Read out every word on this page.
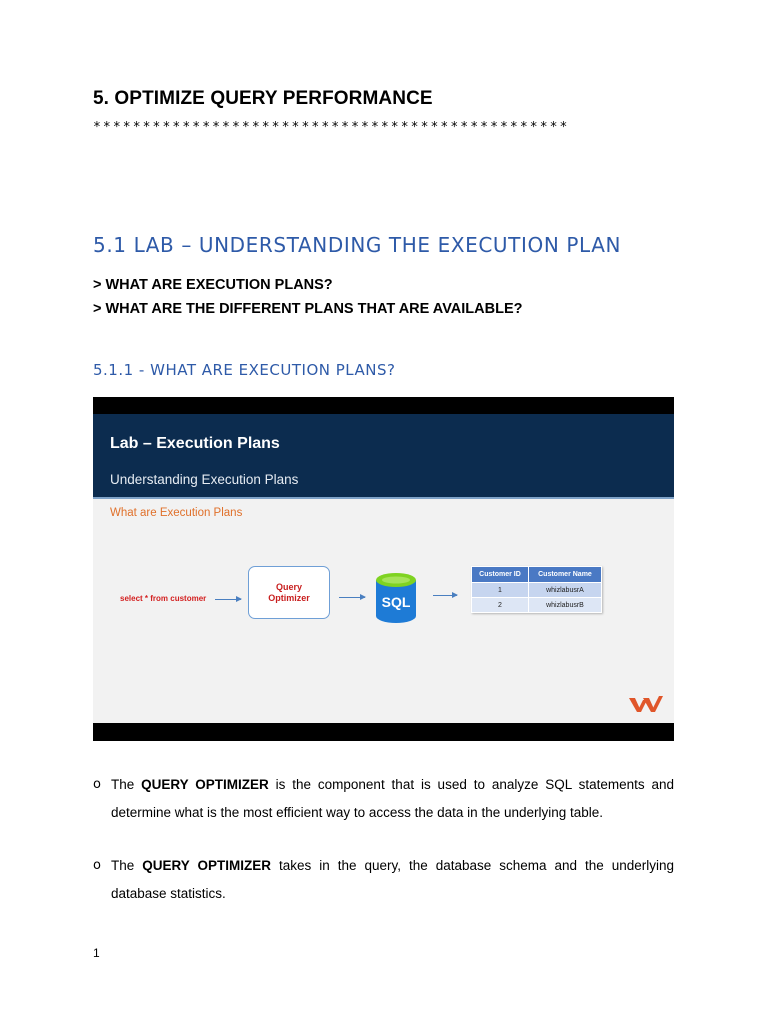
5. OPTIMIZE QUERY PERFORMANCE
************************************************
5.1 LAB – UNDERSTANDING THE EXECUTION PLAN
> WHAT ARE EXECUTION PLANS?
> WHAT ARE THE DIFFERENT PLANS THAT ARE AVAILABLE?
5.1.1 - WHAT ARE EXECUTION PLANS?
Lab – Execution Plans
Understanding Execution Plans
What are Execution Plans
select * from customer
Query
Optimizer	SQL
Customer ID	Customer Name
1	whizlabusrA
2	whizlabusrB
o The QUERY OPTIMIZER is the component that is used to analyze SQL statements and determine what is the most efficient way to access the data in the underlying table.
o The QUERY OPTIMIZER takes in the query, the database schema and the underlying database statistics.
1
